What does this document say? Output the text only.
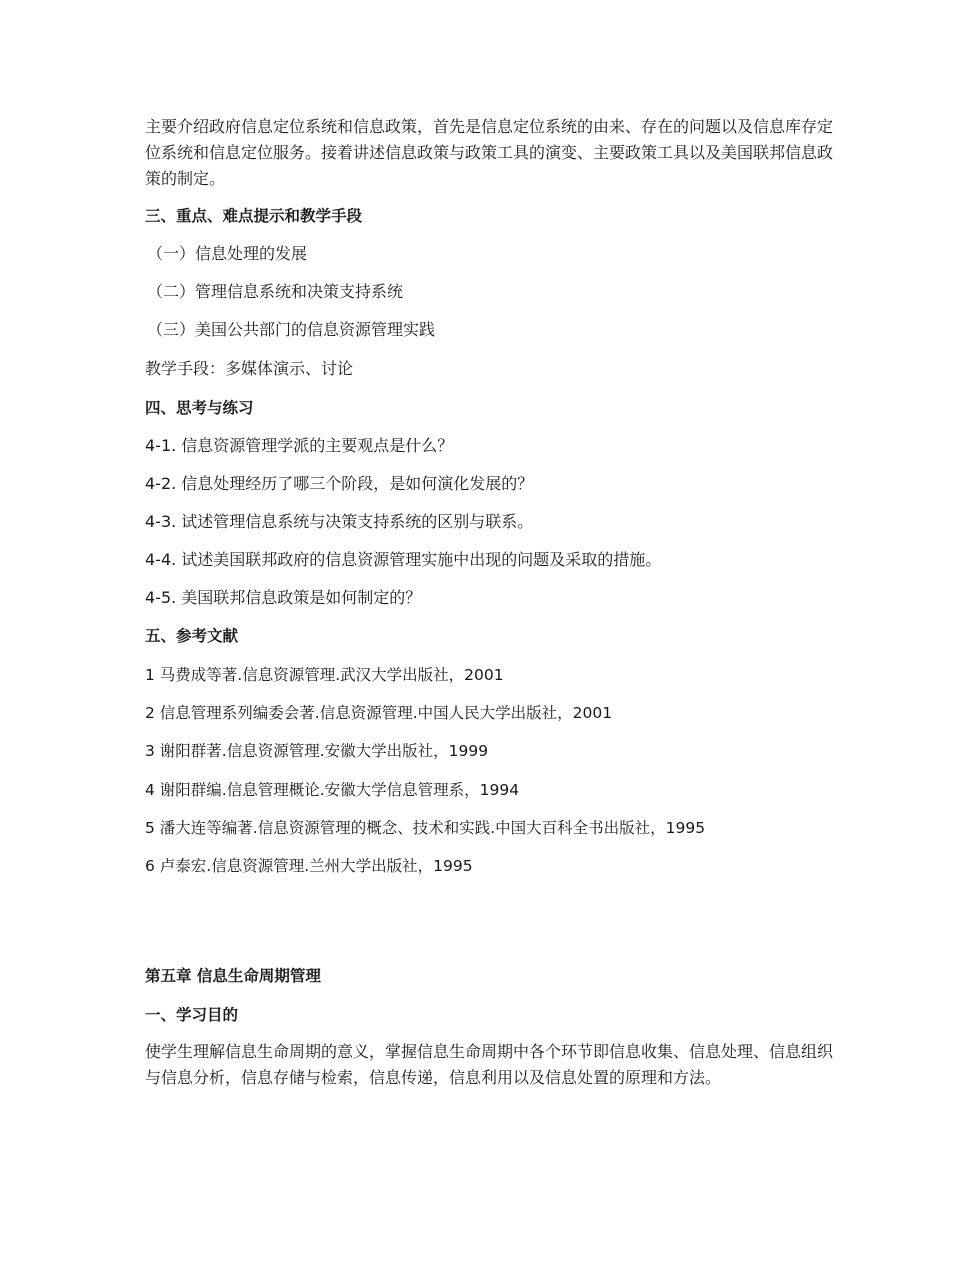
主要介绍政府信息定位系统和信息政策，首先是信息定位系统的由来、存在的问题以及信息库存定位系统和信息定位服务。接着讲述信息政策与政策工具的演变、主要政策工具以及美国联邦信息政策的制定。

三、重点、难点提示和教学手段

（一）信息处理的发展

（二）管理信息系统和决策支持系统

（三）美国公共部门的信息资源管理实践

教学手段：多媒体演示、讨论

四、思考与练习

4-1. 信息资源管理学派的主要观点是什么？

4-2. 信息处理经历了哪三个阶段，是如何演化发展的？

4-3. 试述管理信息系统与决策支持系统的区别与联系。

4-4. 试述美国联邦政府的信息资源管理实施中出现的问题及采取的措施。

4-5. 美国联邦信息政策是如何制定的？

五、参考文献

1 马费成等著.信息资源管理.武汉大学出版社，2001

2 信息管理系列编委会著.信息资源管理.中国人民大学出版社，2001

3 谢阳群著.信息资源管理.安徽大学出版社，1999

4 谢阳群编.信息管理概论.安徽大学信息管理系，1994

5 潘大连等编著.信息资源管理的概念、技术和实践.中国大百科全书出版社，1995

6 卢泰宏.信息资源管理.兰州大学出版社，1995

第五章 信息生命周期管理

一、学习目的

使学生理解信息生命周期的意义，掌握信息生命周期中各个环节即信息收集、信息处理、信息组织与信息分析，信息存储与检索，信息传递，信息利用以及信息处置的原理和方法。
